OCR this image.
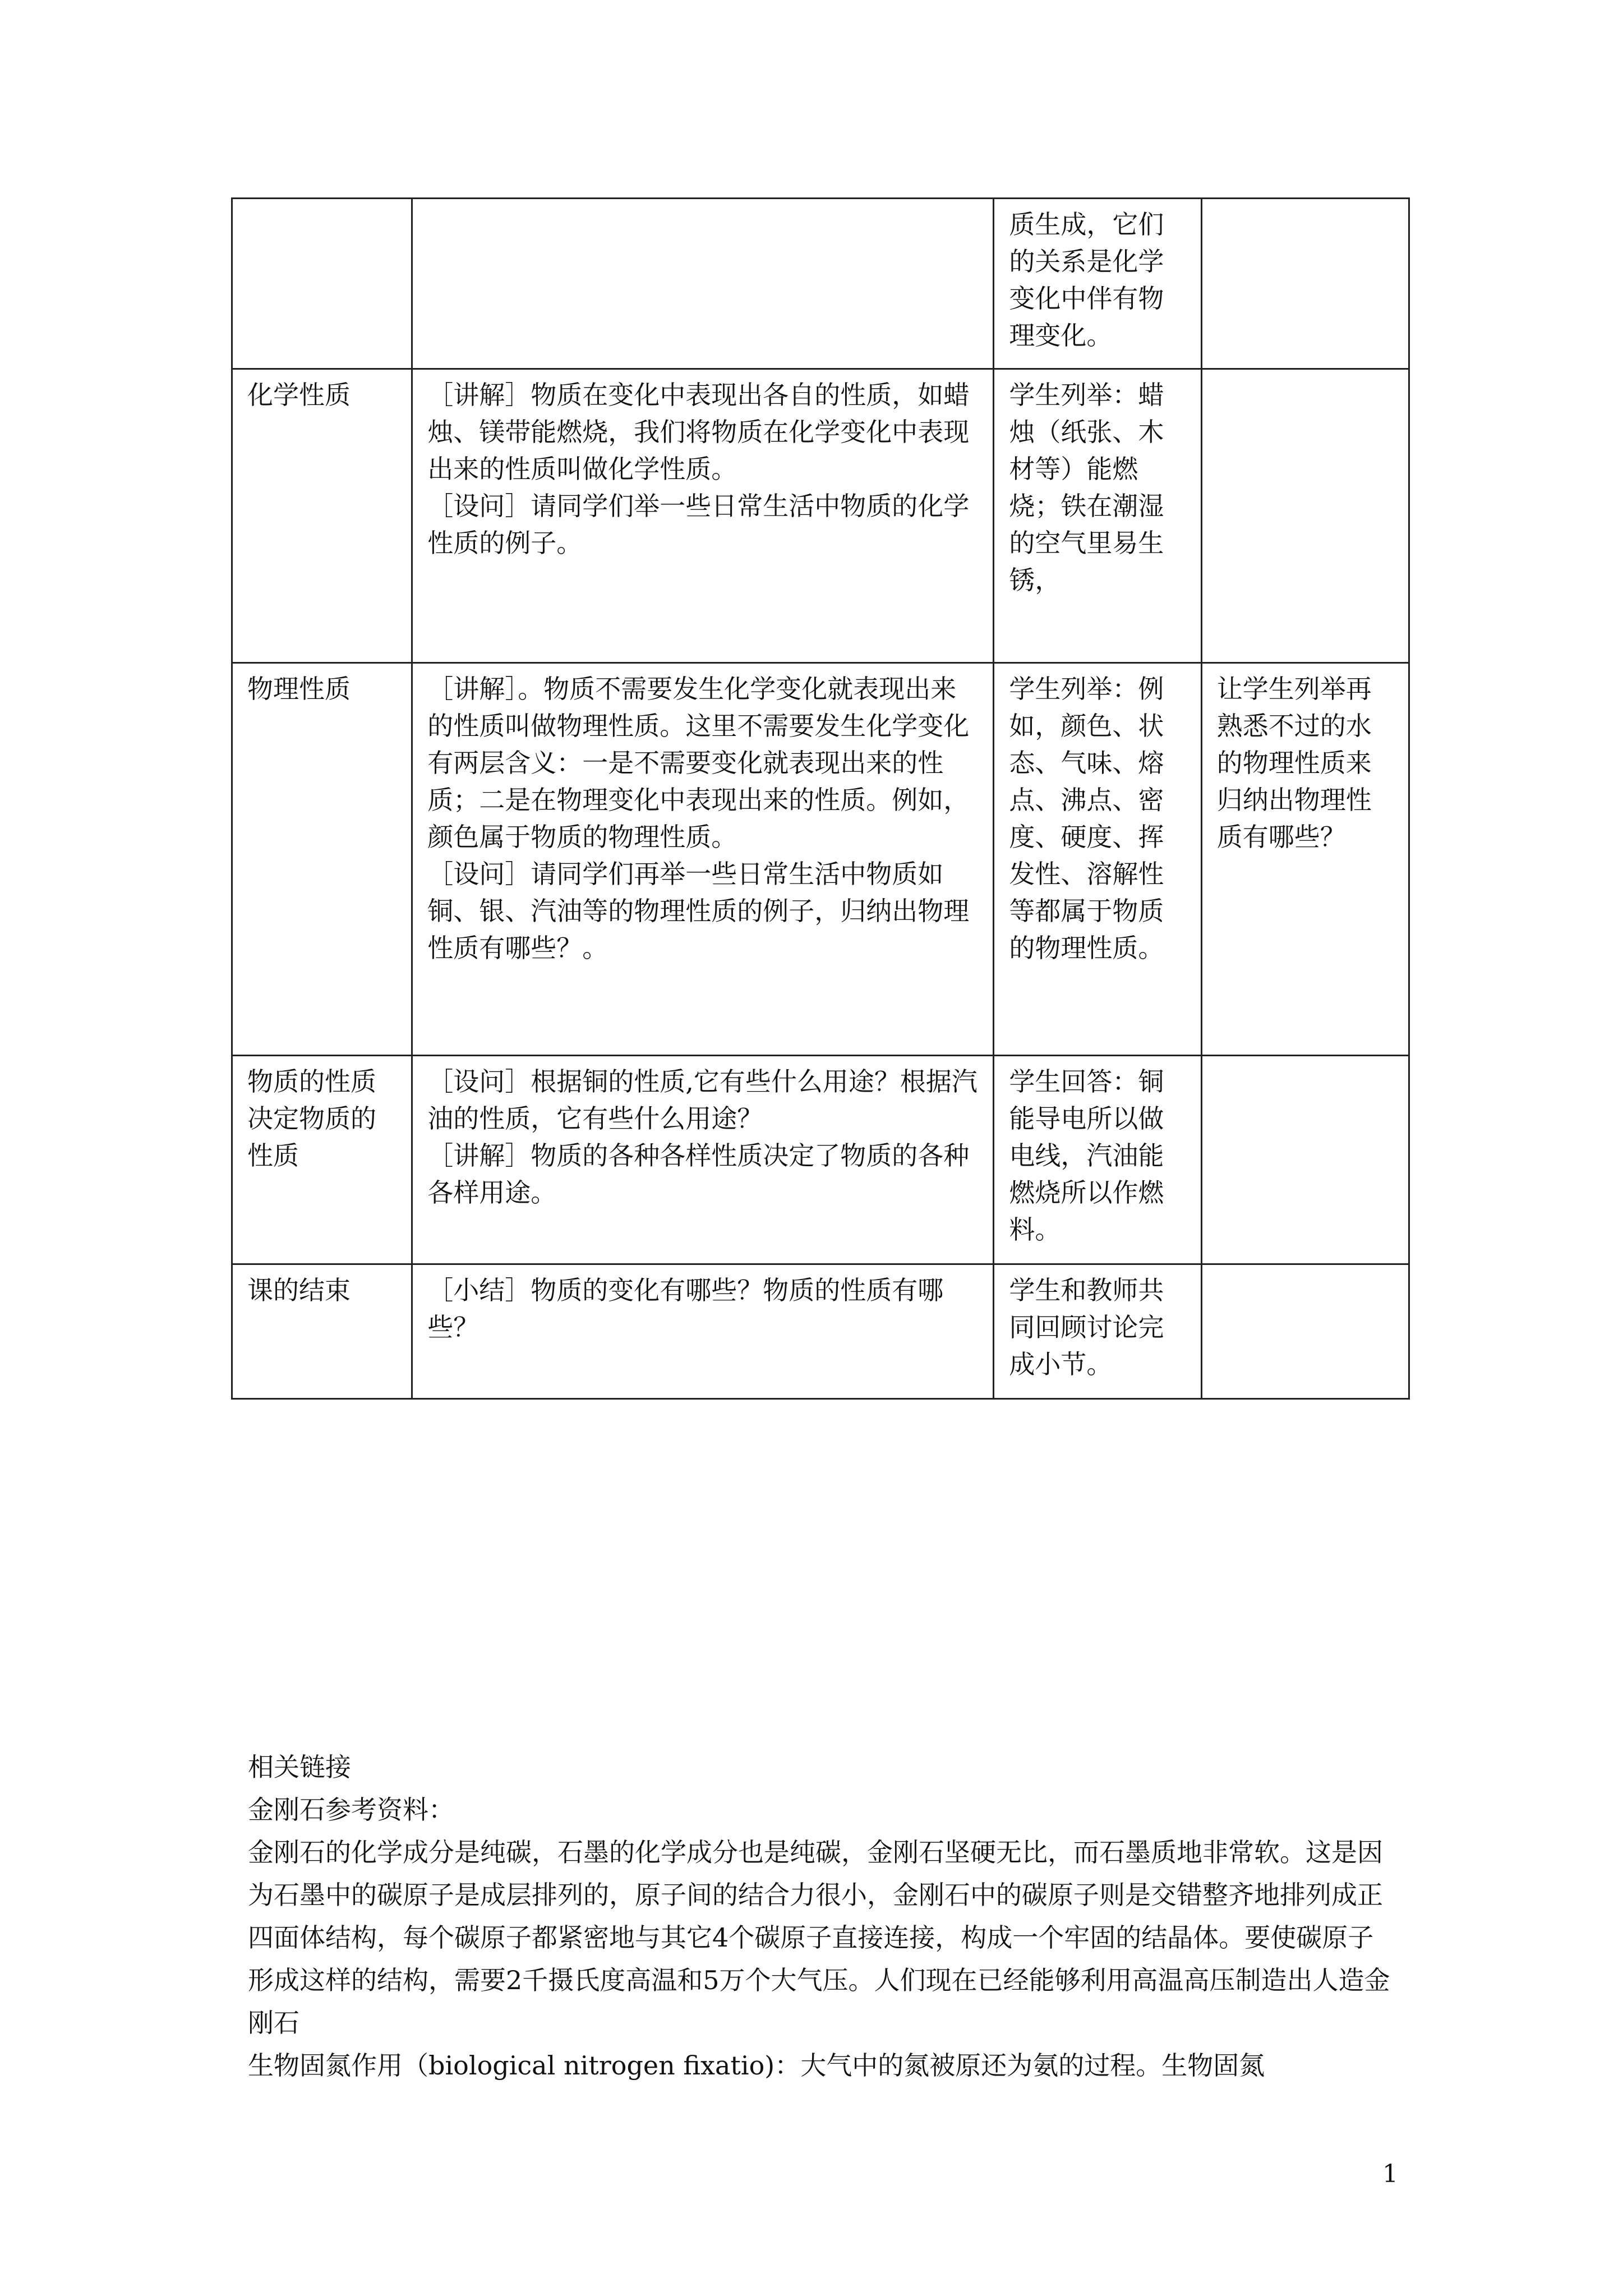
		质生成，它们的关系是化学变化中伴有物理变化。	
化学性质	［讲解］物质在变化中表现出各自的性质，如蜡烛、镁带能燃烧，我们将物质在化学变化中表现出来的性质叫做化学性质。
［设问］请同学们举一些日常生活中物质的化学性质的例子。	学生列举：蜡烛（纸张、木材等）能燃烧；铁在潮湿的空气里易生锈，	
物理性质	［讲解］。物质不需要发生化学变化就表现出来的性质叫做物理性质。这里不需要发生化学变化有两层含义：一是不需要变化就表现出来的性质；二是在物理变化中表现出来的性质。例如，颜色属于物质的物理性质。
［设问］请同学们再举一些日常生活中物质如铜、银、汽油等的物理性质的例子，归纳出物理性质有哪些？。	学生列举：例如，颜色、状态、气味、熔点、沸点、密度、硬度、挥发性、溶解性等都属于物质的物理性质。	让学生列举再熟悉不过的水的物理性质来归纳出物理性质有哪些？
物质的性质决定物质的性质	［设问］根据铜的性质,它有些什么用途？根据汽油的性质，它有些什么用途？
［讲解］物质的各种各样性质决定了物质的各种各样用途。	学生回答：铜能导电所以做电线，汽油能燃烧所以作燃料。	
课的结束	［小结］物质的变化有哪些？物质的性质有哪些？	学生和教师共同回顾讨论完成小节。	
相关链接
金刚石参考资料：
金刚石的化学成分是纯碳，石墨的化学成分也是纯碳，金刚石坚硬无比，而石墨质地非常软。这是因为石墨中的碳原子是成层排列的，原子间的结合力很小，金刚石中的碳原子则是交错整齐地排列成正四面体结构，每个碳原子都紧密地与其它4个碳原子直接连接，构成一个牢固的结晶体。要使碳原子形成这样的结构，需要2千摄氏度高温和5万个大气压。人们现在已经能够利用高温高压制造出人造金刚石
生物固氮作用（biological nitrogen fixatio)：大气中的氮被原还为氨的过程。生物固氮
1
